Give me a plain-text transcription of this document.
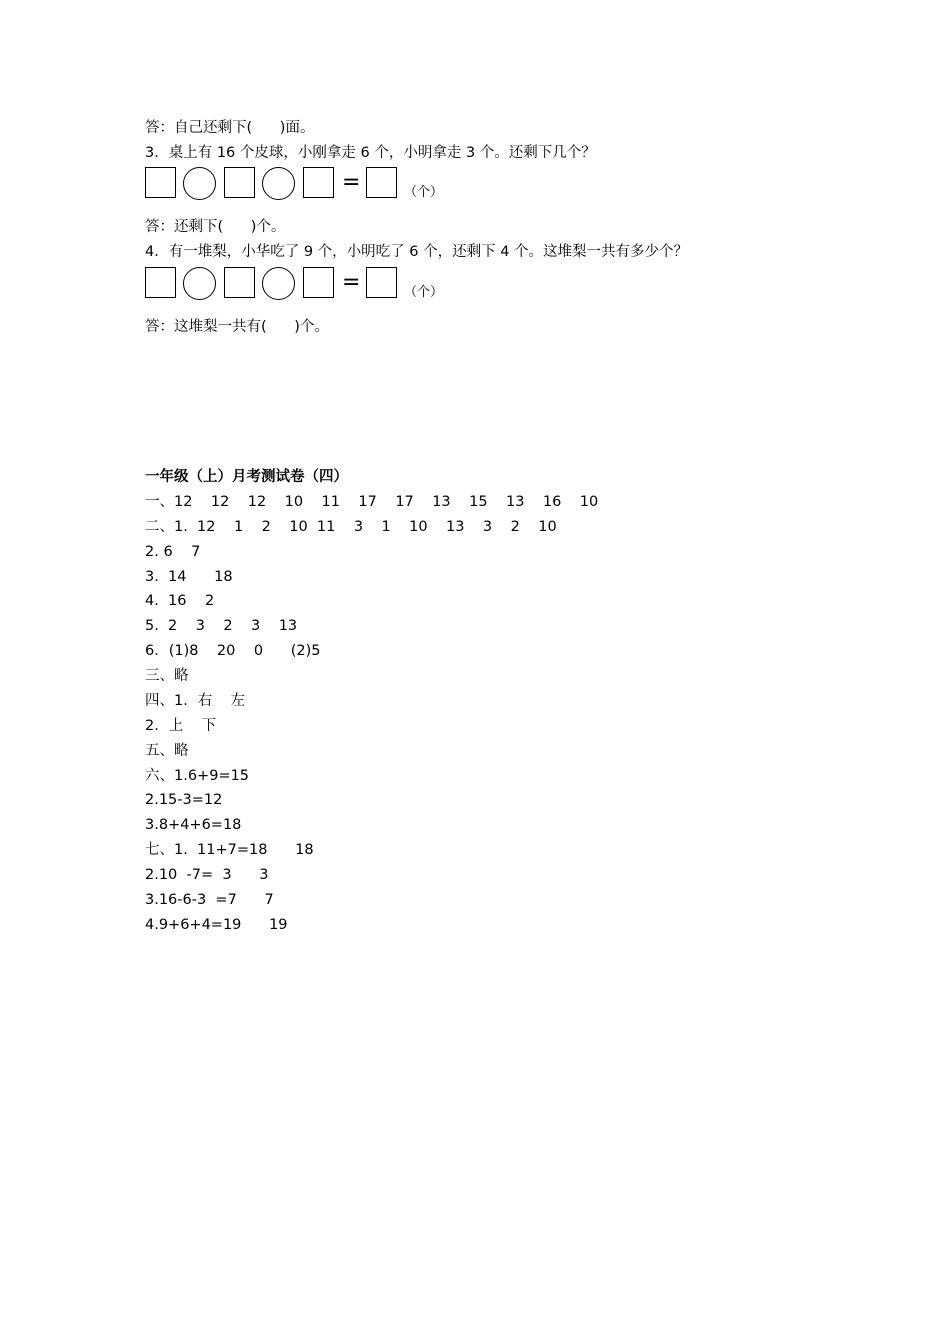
答：自己还剩下(      )面。
3．桌上有 16 个皮球，小刚拿走 6 个，小明拿走 3 个。还剩下几个？
=	（个）
答：还剩下(      )个。
4．有一堆梨，小华吃了 9 个，小明吃了 6 个，还剩下 4 个。这堆梨一共有多少个？
=	（个）
答：这堆梨一共有(      )个。
一年级（上）月考测试卷（四）
一、12    12    12    10    11    17    17    13    15    13    16    10
二、1.  12    1    2    10  11    3    1    10    13    3    2    10
2. 6    7
3.  14      18
4.  16    2
5.  2    3    2    3    13
6．(1)8    20    0      (2)5
三、略
四、1．右    左
2．上    下
五、略
六、1.6+9=15
2.15-3=12
3.8+4+6=18
七、1.  11+7=18      18
2.10  -7=  3      3
3.16-6-3  =7      7
4.9+6+4=19      19
